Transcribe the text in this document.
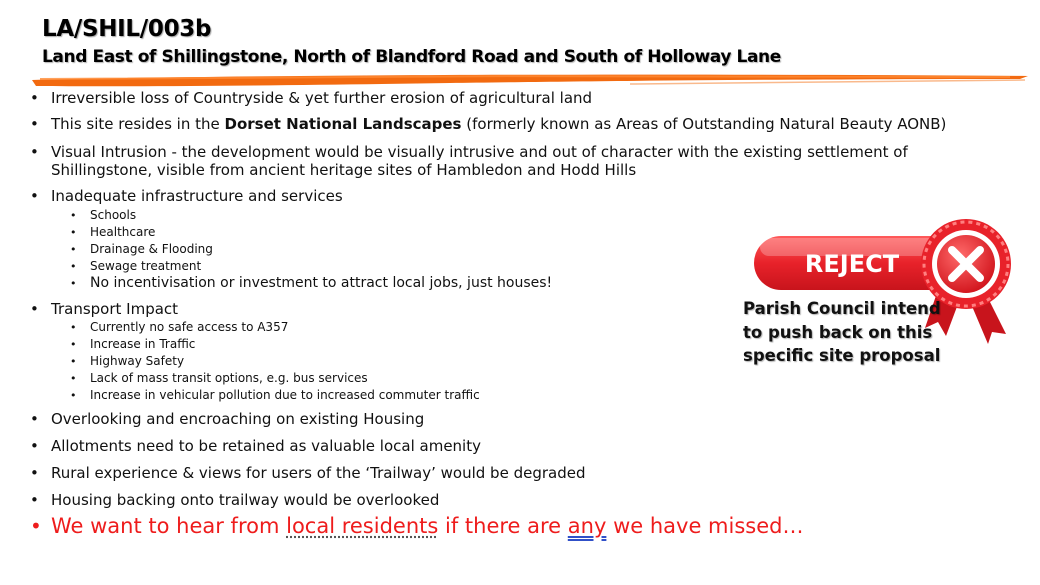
LA/SHIL/003b
Land East of Shillingstone, North of Blandford Road and South of Holloway Lane
• Irreversible loss of Countryside & yet further erosion of agricultural land
• This site resides in the Dorset National Landscapes (formerly known as Areas of Outstanding Natural Beauty AONB)
• Visual Intrusion - the development would be visually intrusive and out of character with the existing settlement of Shillingstone, visible from ancient heritage sites of Hambledon and Hodd Hills
• Inadequate infrastructure and services
• Schools
• Healthcare
• Drainage & Flooding
• Sewage treatment
• No incentivisation or investment to attract local jobs, just houses!
• Transport Impact
• Currently no safe access to A357
• Increase in Traffic
• Highway Safety
• Lack of mass transit options, e.g. bus services
• Increase in vehicular pollution due to increased commuter traffic
• Overlooking and encroaching on existing Housing
• Allotments need to be retained as valuable local amenity
• Rural experience & views for users of the ‘Trailway’ would be degraded
• Housing backing onto trailway would be overlooked
• We want to hear from local residents if there are any we have missed…
REJECT
Parish Council intend to push back on this specific site proposal
